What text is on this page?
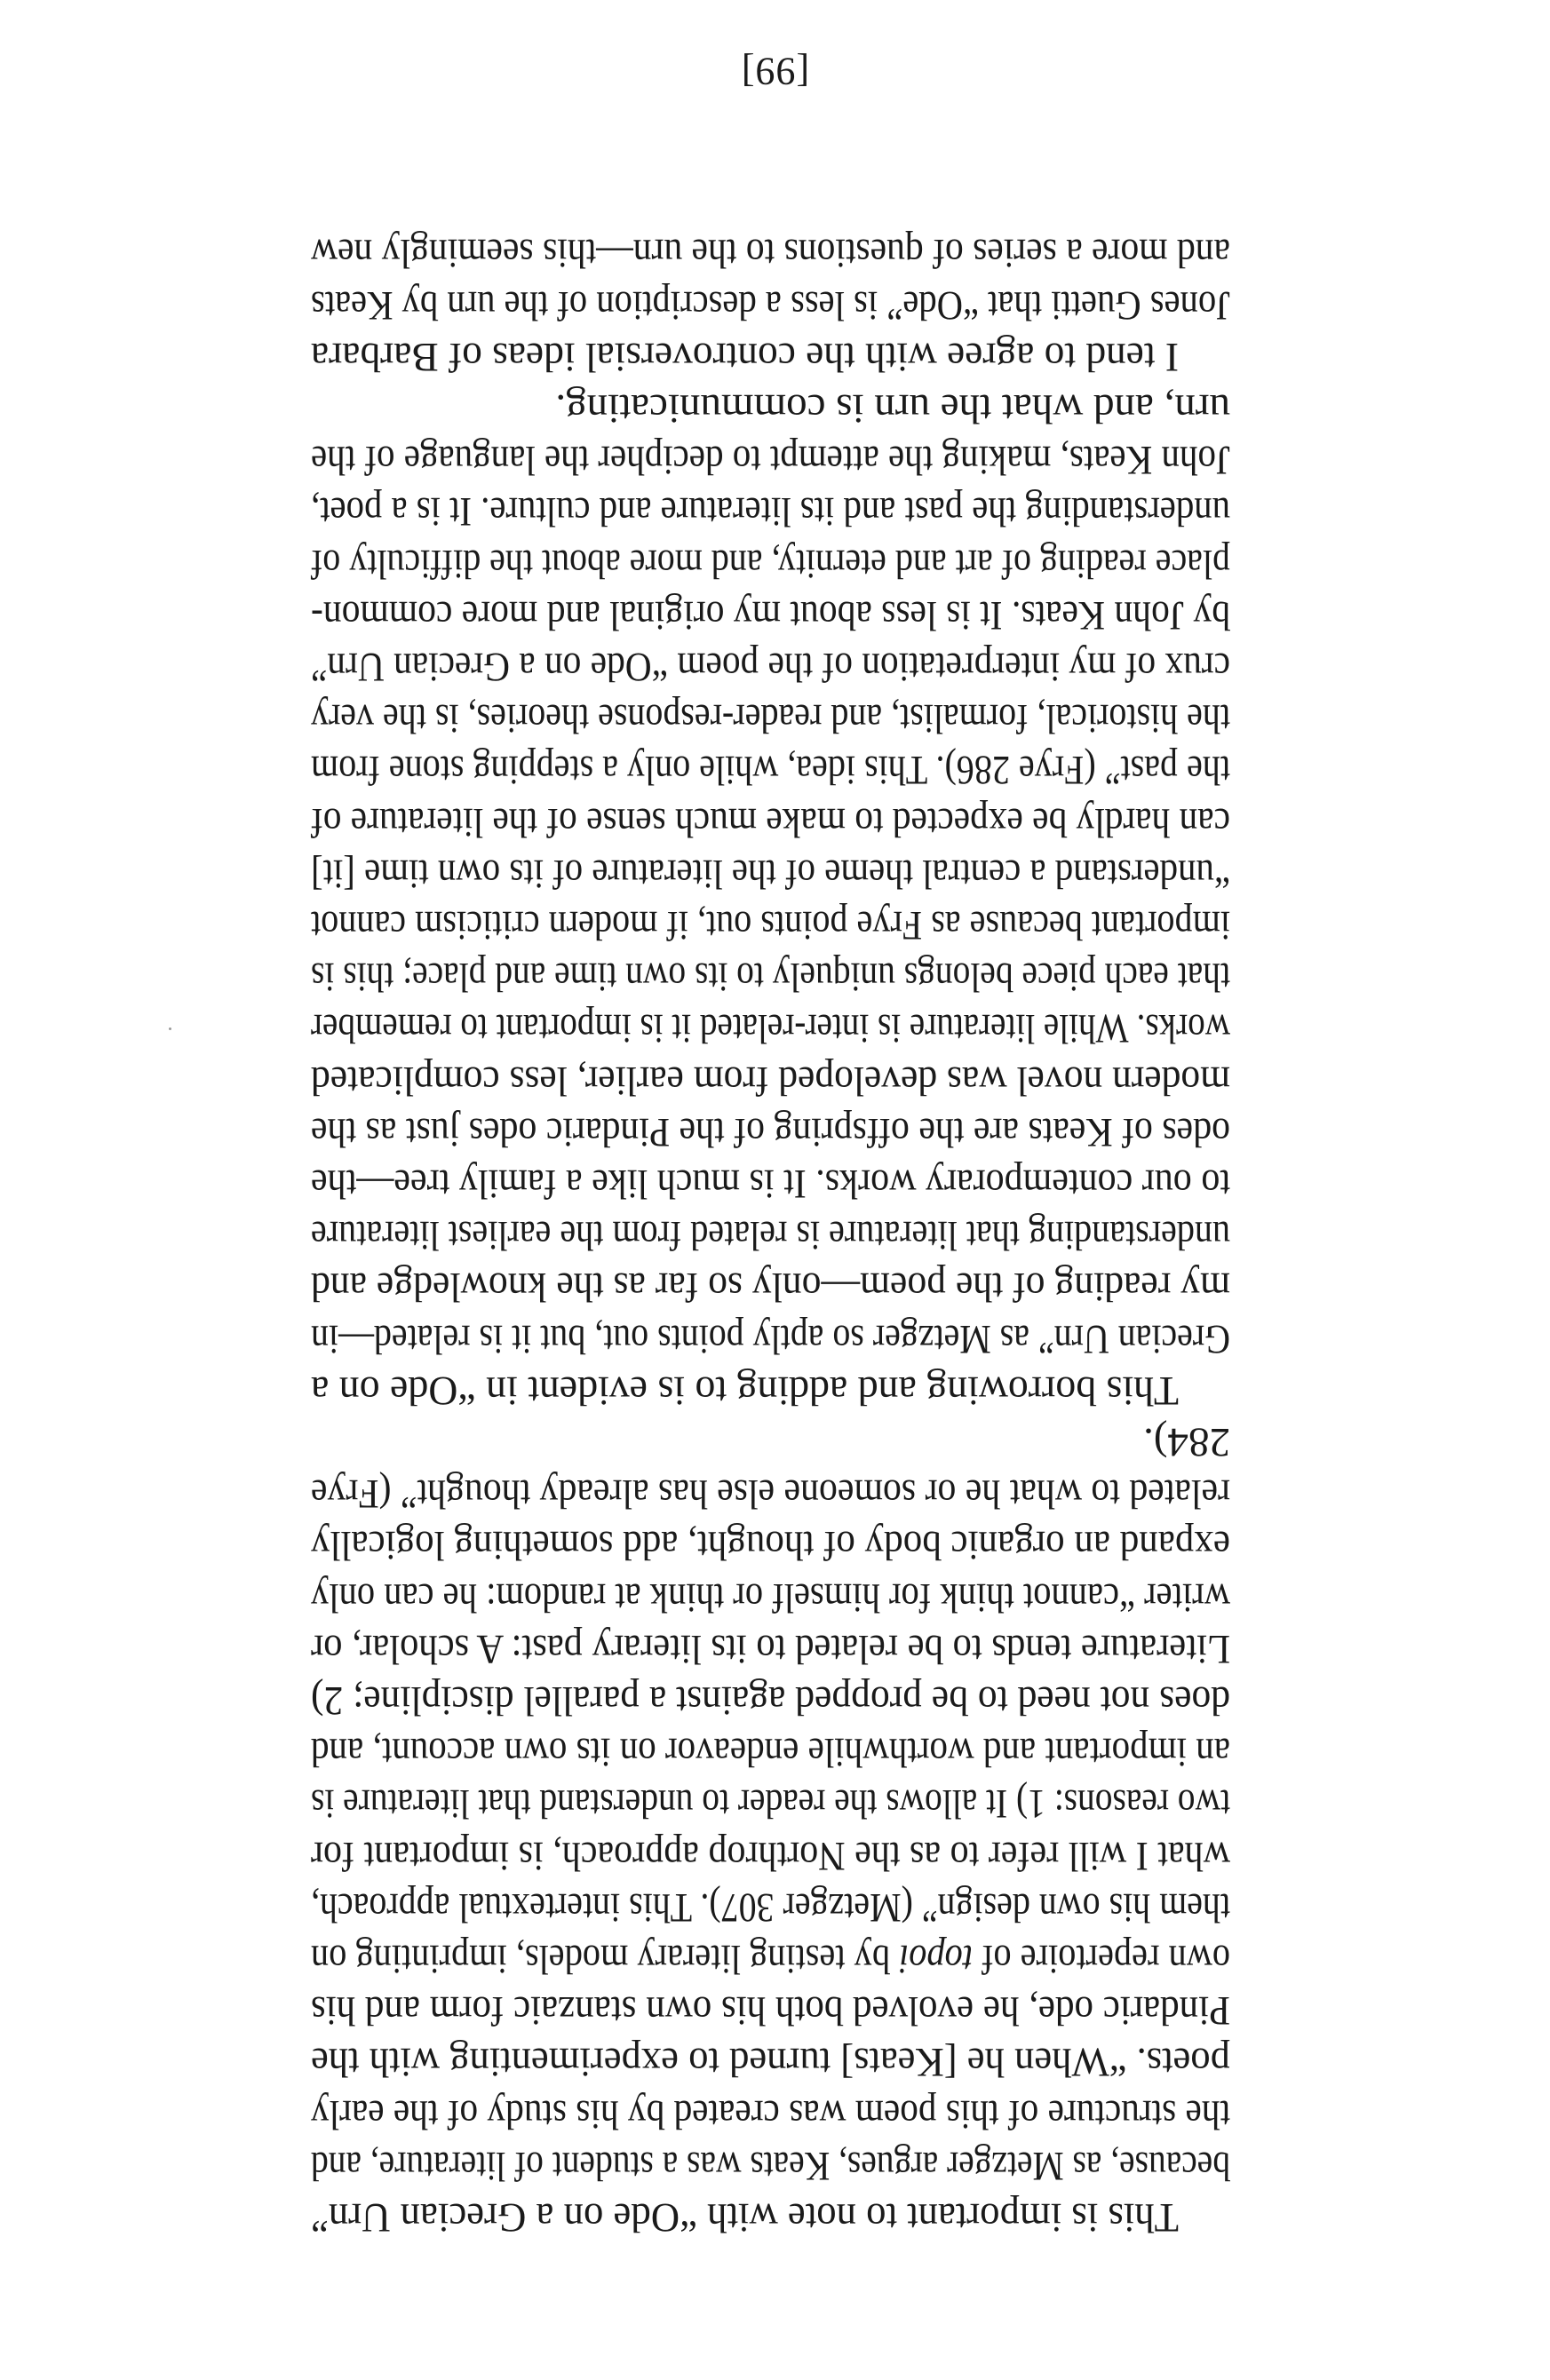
This is important to note with “Ode on a Grecian Urn”
because, as Metzger argues, Keats was a student of literature, and
the structure of this poem was created by his study of the early
poets. “When he [Keats] turned to experimenting with the
Pindaric ode, he evolved both his own stanzaic form and his
own repertoire of topoi by testing literary models, imprinting on
them his own design” (Metzger 307). This intertextual approach,
what I will refer to as the Northrop approach, is important for
two reasons: 1) It allows the reader to understand that literature is
an important and worthwhile endeavor on its own account, and
does not need to be propped against a parallel discipline; 2)
Literature tends to be related to its literary past: A scholar, or
writer “cannot think for himself or think at random: he can only
expand an organic body of thought, add something logically
related to what he or someone else has already thought” (Frye
284).
This borrowing and adding to is evident in “Ode on a
Grecian Urn” as Metzger so aptly points out, but it is related—in
my reading of the poem—only so far as the knowledge and
understanding that literature is related from the earliest literature
to our contemporary works. It is much like a family tree—the
odes of Keats are the offspring of the Pindaric odes just as the
modern novel was developed from earlier, less complicated
works. While literature is inter-related it is important to remember
that each piece belongs uniquely to its own time and place; this is
important because as Frye points out, if modern criticism cannot
“understand a central theme of the literature of its own time [it]
can hardly be expected to make much sense of the literature of
the past” (Frye 286). This idea, while only a stepping stone from
the historical, formalist, and reader-response theories, is the very
crux of my interpretation of the poem “Ode on a Grecian Urn”
by John Keats. It is less about my original and more common-
place reading of art and eternity, and more about the difficulty of
understanding the past and its literature and culture. It is a poet,
John Keats, making the attempt to decipher the language of the
urn, and what the urn is communicating.
I tend to agree with the controversial ideas of Barbara
Jones Guetti that “Ode” is less a description of the urn by Keats
and more a series of questions to the urn—this seemingly new
[99]
